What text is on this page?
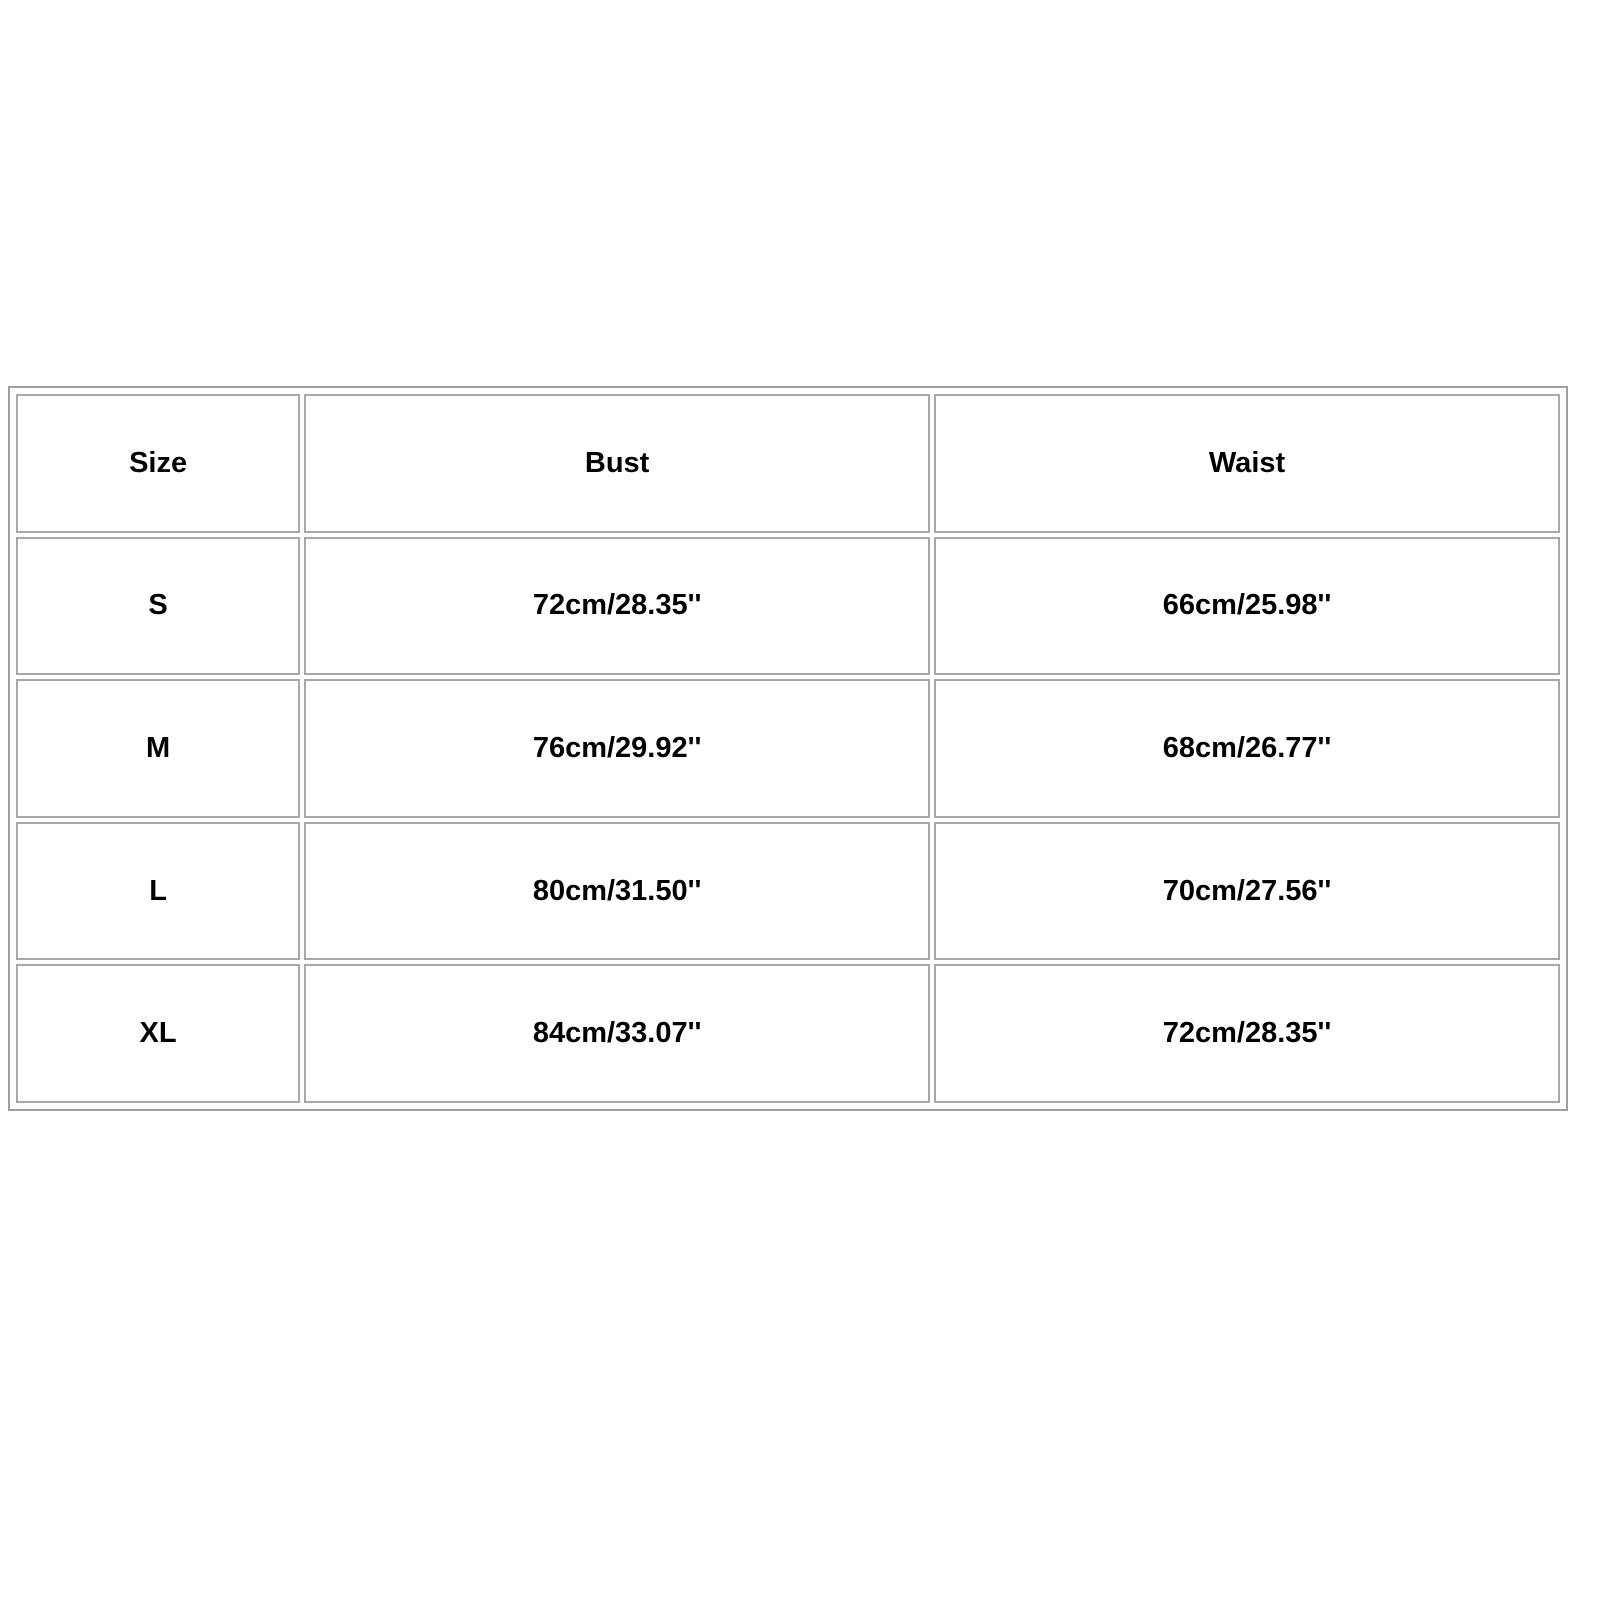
Size	Bust	Waist
S	72cm/28.35''	66cm/25.98''
M	76cm/29.92''	68cm/26.77''
L	80cm/31.50''	70cm/27.56''
XL	84cm/33.07''	72cm/28.35''
